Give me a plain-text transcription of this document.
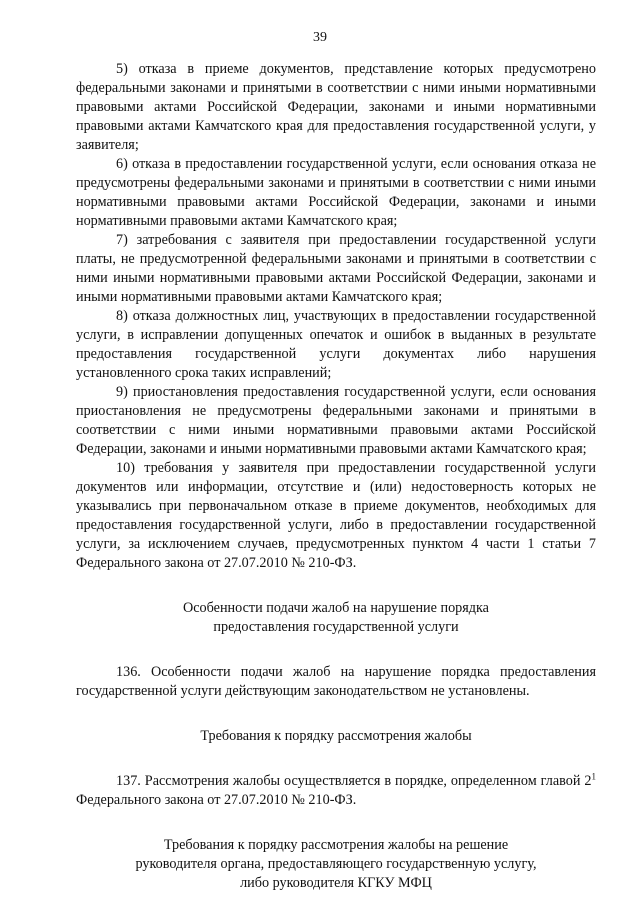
39

5) отказа в приеме документов, представление которых предусмотрено федеральными законами и принятыми в соответствии с ними иными нормативными правовыми актами Российской Федерации, законами и иными нормативными правовыми актами Камчатского края для предоставления государственной услуги, у заявителя;

6) отказа в предоставлении государственной услуги, если основания отказа не предусмотрены федеральными законами и принятыми в соответствии с ними иными нормативными правовыми актами Российской Федерации, законами и иными нормативными правовыми актами Камчатского края;

7) затребования с заявителя при предоставлении государственной услуги платы, не предусмотренной федеральными законами и принятыми в соответствии с ними иными нормативными правовыми актами Российской Федерации, законами и иными нормативными правовыми актами Камчатского края;

8) отказа должностных лиц, участвующих в предоставлении государственной услуги, в исправлении допущенных опечаток и ошибок в выданных в результате предоставления государственной услуги документах либо нарушения установленного срока таких исправлений;

9) приостановления предоставления государственной услуги, если основания приостановления не предусмотрены федеральными законами и принятыми в соответствии с ними иными нормативными правовыми актами Российской Федерации, законами и иными нормативными правовыми актами Камчатского края;

10) требования у заявителя при предоставлении государственной услуги документов или информации, отсутствие и (или) недостоверность которых не указывались при первоначальном отказе в приеме документов, необходимых для предоставления государственной услуги, либо в предоставлении государственной услуги, за исключением случаев, предусмотренных пунктом 4 части 1 статьи 7 Федерального закона от 27.07.2010 № 210-ФЗ.

Особенности подачи жалоб на нарушение порядка
предоставления государственной услуги

136. Особенности подачи жалоб на нарушение порядка предоставления государственной услуги действующим законодательством не установлены.

Требования к порядку рассмотрения жалобы

137. Рассмотрения жалобы осуществляется в порядке, определенном главой $2^1$ Федерального закона от 27.07.2010 № 210-ФЗ.

Требования к порядку рассмотрения жалобы на решение
руководителя органа, предоставляющего государственную услугу,
либо руководителя КГКУ МФЦ
